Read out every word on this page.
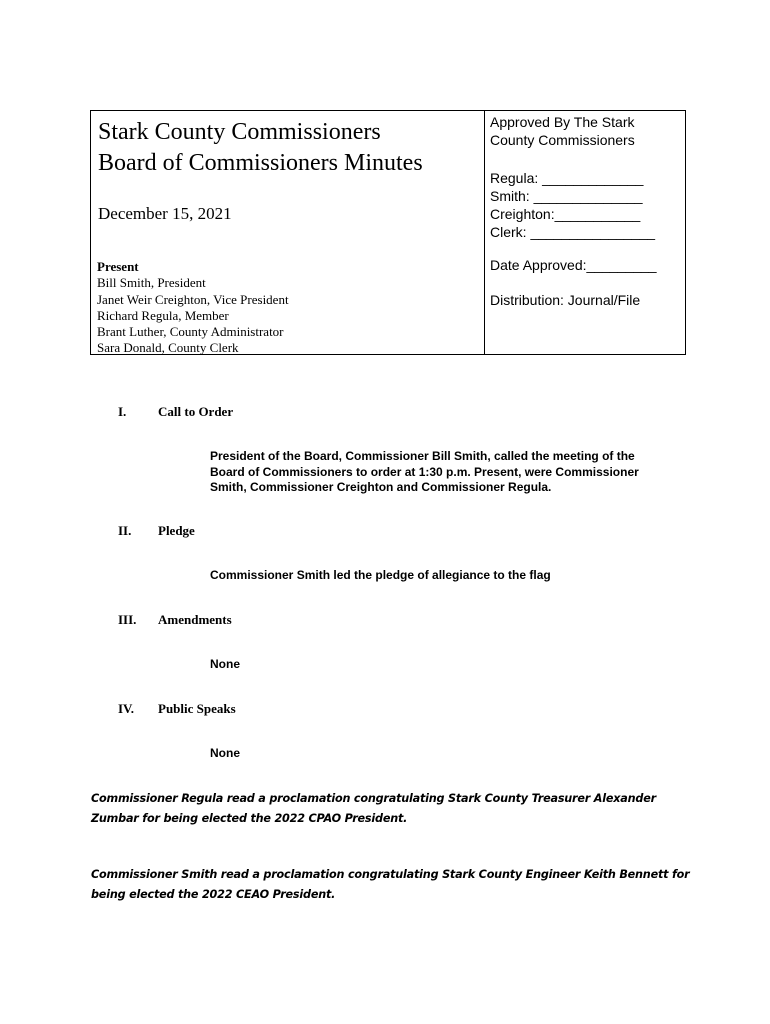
Stark County Commissioners
Board of Commissioners Minutes
December 15, 2021
Present
Bill Smith, President
Janet Weir Creighton, Vice President
Richard Regula, Member
Brant Luther, County Administrator
Sara Donald, County Clerk
Approved By The Stark
County Commissioners
Regula: _____________
Smith: ______________
Creighton:___________
Clerk: ________________
Date Approved:_________
Distribution: Journal/File
I. Call to Order
President of the Board, Commissioner Bill Smith, called the meeting of the Board of Commissioners to order at 1:30 p.m. Present, were Commissioner Smith, Commissioner Creighton and Commissioner Regula.
II. Pledge
Commissioner Smith led the pledge of allegiance to the flag
III. Amendments
None
IV. Public Speaks
None
Commissioner Regula read a proclamation congratulating Stark County Treasurer Alexander Zumbar for being elected the 2022 CPAO President.
Commissioner Smith read a proclamation congratulating Stark County Engineer Keith Bennett for being elected the 2022 CEAO President.
